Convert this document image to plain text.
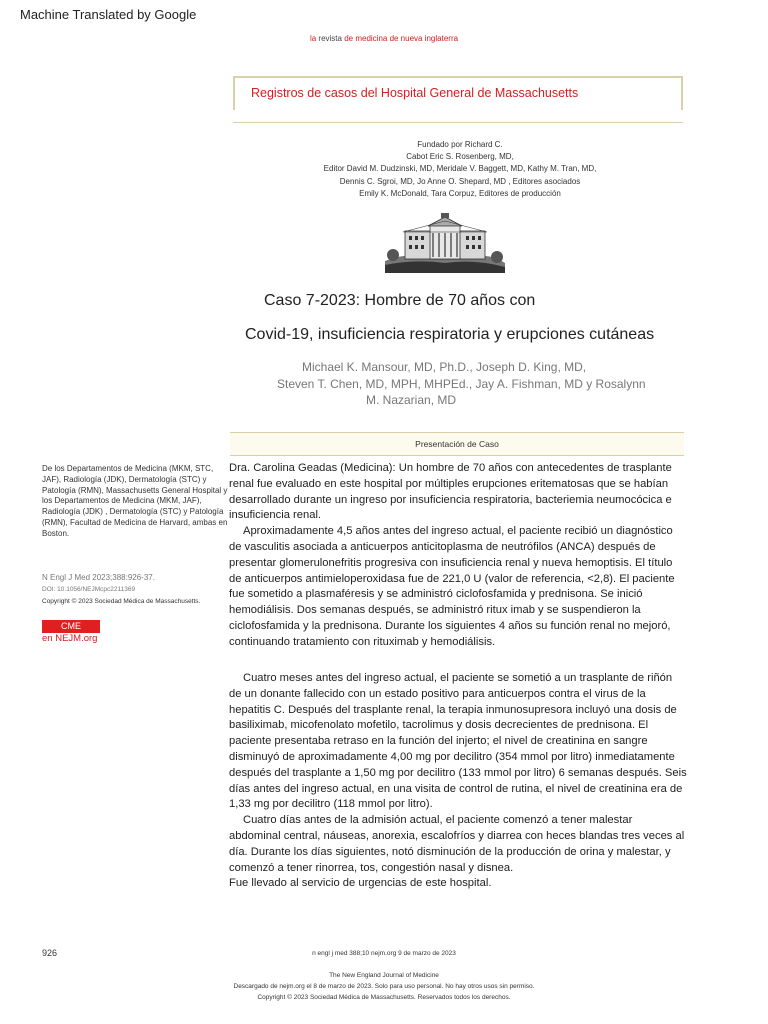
Machine Translated by Google
la revista de medicina de nueva inglaterra
Registros de casos del Hospital General de Massachusetts
Fundado por Richard C.
Cabot Eric S. Rosenberg, MD,
Editor David M. Dudzinski, MD, Meridale V. Baggett, MD, Kathy M. Tran, MD,
Dennis C. Sgroi, MD, Jo Anne O. Shepard, MD , Editores asociados
Emily K. McDonald, Tara Corpuz, Editores de producción
Caso 7-2023: Hombre de 70 años con
Covid-19, insuficiencia respiratoria y erupciones cutáneas
Michael K. Mansour, MD, Ph.D., Joseph D. King, MD,
Steven T. Chen, MD, MPH, MHPEd., Jay A. Fishman, MD y Rosalynn
M. Nazarian, MD
Presentación de Caso
De los Departamentos de Medicina (MKM, STC, JAF), Radiología (JDK), Dermatología (STC) y Patología (RMN), Massachusetts General Hospital y los Departamentos de Medicina (MKM, JAF), Radiología (JDK) , Dermatología (STC) y Patología (RMN), Facultad de Medicina de Harvard, ambas en Boston.
N Engl J Med 2023;388:926-37.
DOI: 10.1056/NEJMcpc2211369
Copyright © 2023 Sociedad Médica de Massachusetts.
CME
en NEJM.org

Dra. Carolina Geadas (Medicina): Un hombre de 70 años con antecedentes de trasplante renal fue evaluado en este hospital por múltiples erupciones eritematosas que se habían desarrollado durante un ingreso por insuficiencia respiratoria, bacteriemia neumocócica e insuficiencia renal.

Aproximadamente 4,5 años antes del ingreso actual, el paciente recibió un diagnóstico de vasculitis asociada a anticuerpos anticitoplasma de neutrófilos (ANCA) después de presentar glomerulonefritis progresiva con insuficiencia renal y nueva hemoptisis. El título de anticuerpos antimieloperoxidasa fue de 221,0 U (valor de referencia, <2,8). El paciente fue sometido a plasmaféresis y se administró ciclofosfamida y prednisona. Se inició hemodiálisis. Dos semanas después, se administró ritux imab y se suspendieron la ciclofosfamida y la prednisona. Durante los siguientes 4 años su función renal no mejoró, continuando tratamiento con rituximab y hemodiálisis.

Cuatro meses antes del ingreso actual, el paciente se sometió a un trasplante de riñón de un donante fallecido con un estado positivo para anticuerpos contra el virus de la hepatitis C. Después del trasplante renal, la terapia inmunosupresora incluyó una dosis de basiliximab, micofenolato mofetilo, tacrolimus y dosis decrecientes de prednisona. El paciente presentaba retraso en la función del injerto; el nivel de creatinina en sangre disminuyó de aproximadamente 4,00 mg por decilitro (354 mmol por litro) inmediatamente después del trasplante a 1,50 mg por decilitro (133 mmol por litro) 6 semanas después. Seis días antes del ingreso actual, en una visita de control de rutina, el nivel de creatinina era de 1,33 mg por decilitro (118 mmol por litro).

Cuatro días antes de la admisión actual, el paciente comenzó a tener malestar abdominal central, náuseas, anorexia, escalofríos y diarrea con heces blandas tres veces al día. Durante los días siguientes, notó disminución de la producción de orina y malestar, y comenzó a tener rinorrea, tos, congestión nasal y disnea.

Fue llevado al servicio de urgencias de este hospital.

926	n engl j med 388;10 nejm.org 9 de marzo de 2023
The New England Journal of Medicine
Descargado de nejm.org el 8 de marzo de 2023. Solo para uso personal. No hay otros usos sin permiso.
Copyright © 2023 Sociedad Médica de Massachusetts. Reservados todos los derechos.
